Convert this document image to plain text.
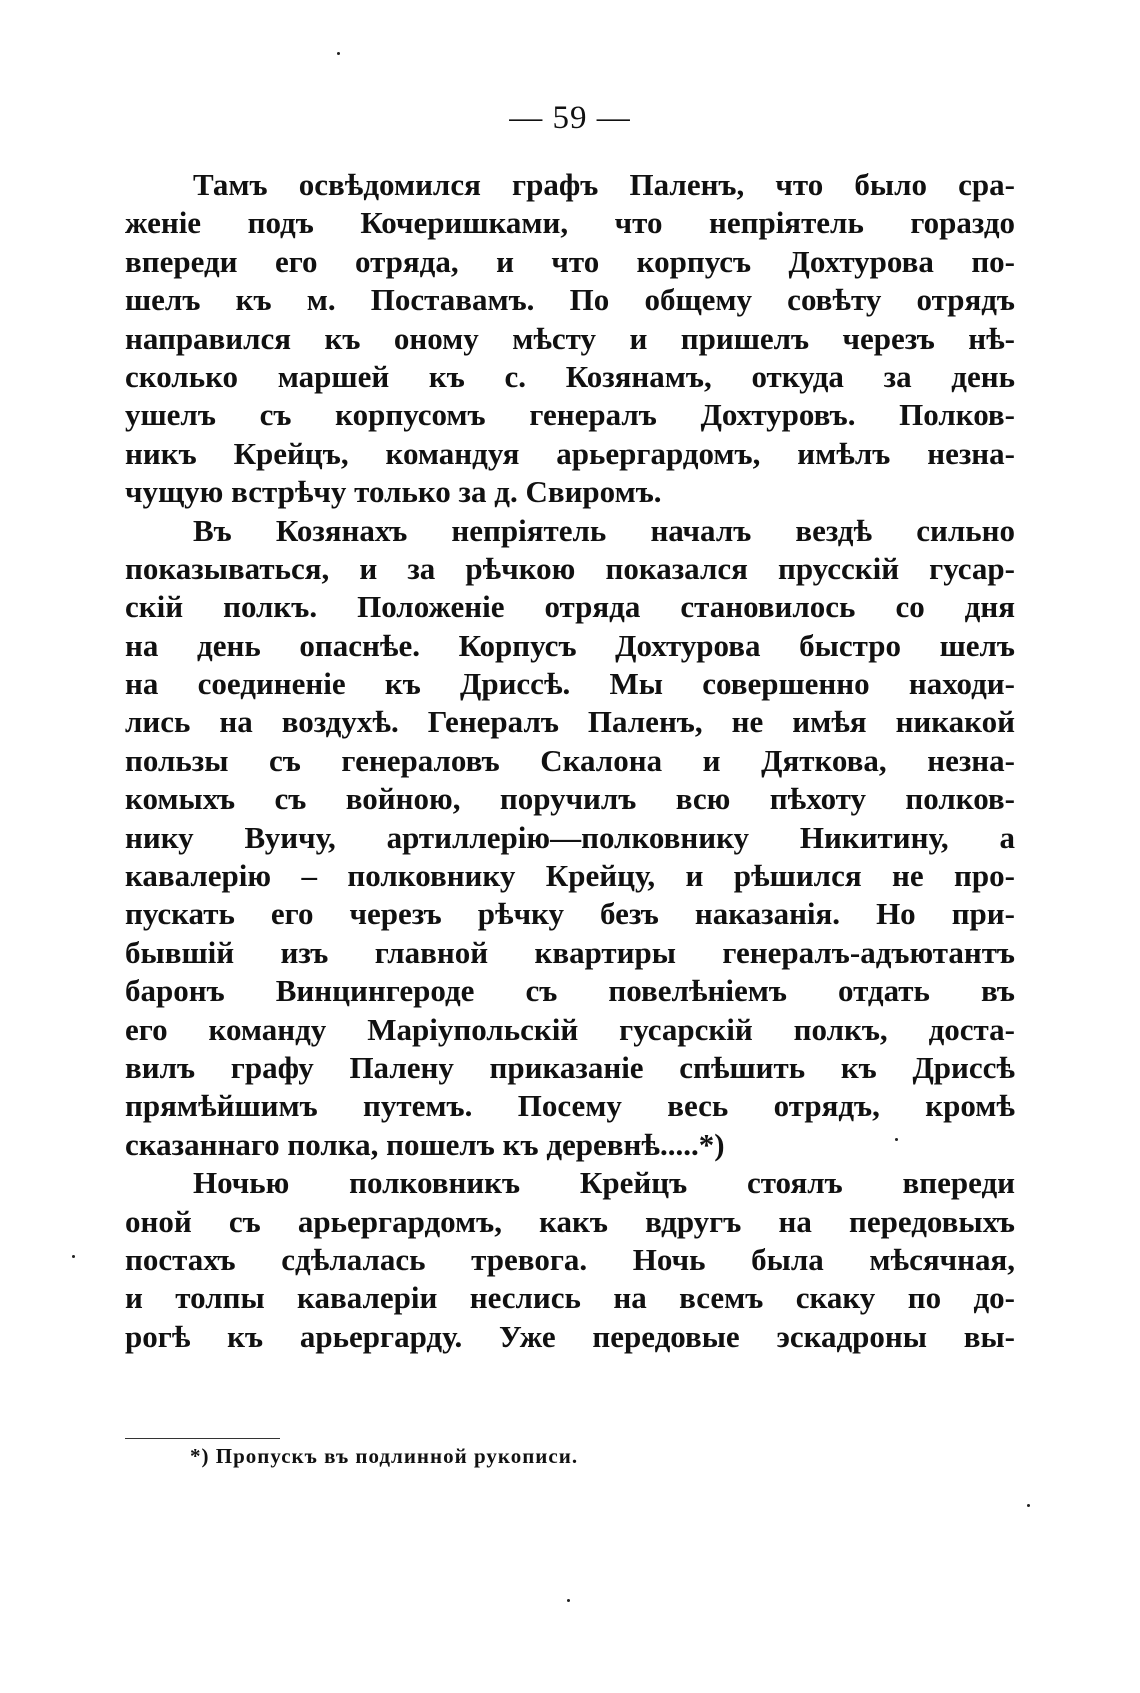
— 59 —
Тамъ освѣдомился графъ Паленъ, что было сра-
женіе подъ Кочеришками, что непріятель гораздо
впереди его отряда, и что корпусъ Дохтурова по-
шелъ къ м. Поставамъ. По общему совѣту отрядъ
направился къ оному мѣсту и пришелъ черезъ нѣ-
сколько маршей къ с. Козянамъ, откуда за день
ушелъ съ корпусомъ генералъ Дохтуровъ. Полков-
никъ Крейцъ, командуя арьергардомъ, имѣлъ незна-
чущую встрѣчу только за д. Свиромъ.
Въ Козянахъ непріятель началъ вездѣ сильно
показываться, и за рѣчкою показался прусскій гусар-
скій полкъ. Положеніе отряда становилось со дня
на день опаснѣе. Корпусъ Дохтурова быстро шелъ
на соединеніе къ Дриссѣ. Мы совершенно находи-
лись на воздухѣ. Генералъ Паленъ, не имѣя никакой
пользы съ генераловъ Скалона и Дяткова, незна-
комыхъ съ войною, поручилъ всю пѣхоту полков-
нику Вуичу, артиллерію—полковнику Никитину, а
кавалерію – полковнику Крейцу, и рѣшился не про-
пускать его черезъ рѣчку безъ наказанія. Но при-
бывшій изъ главной квартиры генералъ-адъютантъ
баронъ Винцингероде съ повелѣніемъ отдать въ
его команду Маріупольскій гусарскій полкъ, доста-
вилъ графу Палену приказаніе спѣшить къ Дриссѣ
прямѣйшимъ путемъ. Посему весь отрядъ, кромѣ
сказаннаго полка, пошелъ къ деревнѣ.....*)
Ночью полковникъ Крейцъ стоялъ впереди
оной съ арьергардомъ, какъ вдругъ на передовыхъ
постахъ сдѣлалась тревога. Ночь была мѣсячная,
и толпы кавалеріи неслись на всемъ скаку по до-
рогѣ къ арьергарду. Уже передовые эскадроны вы-
*) Пропускъ въ подлинной рукописи.
